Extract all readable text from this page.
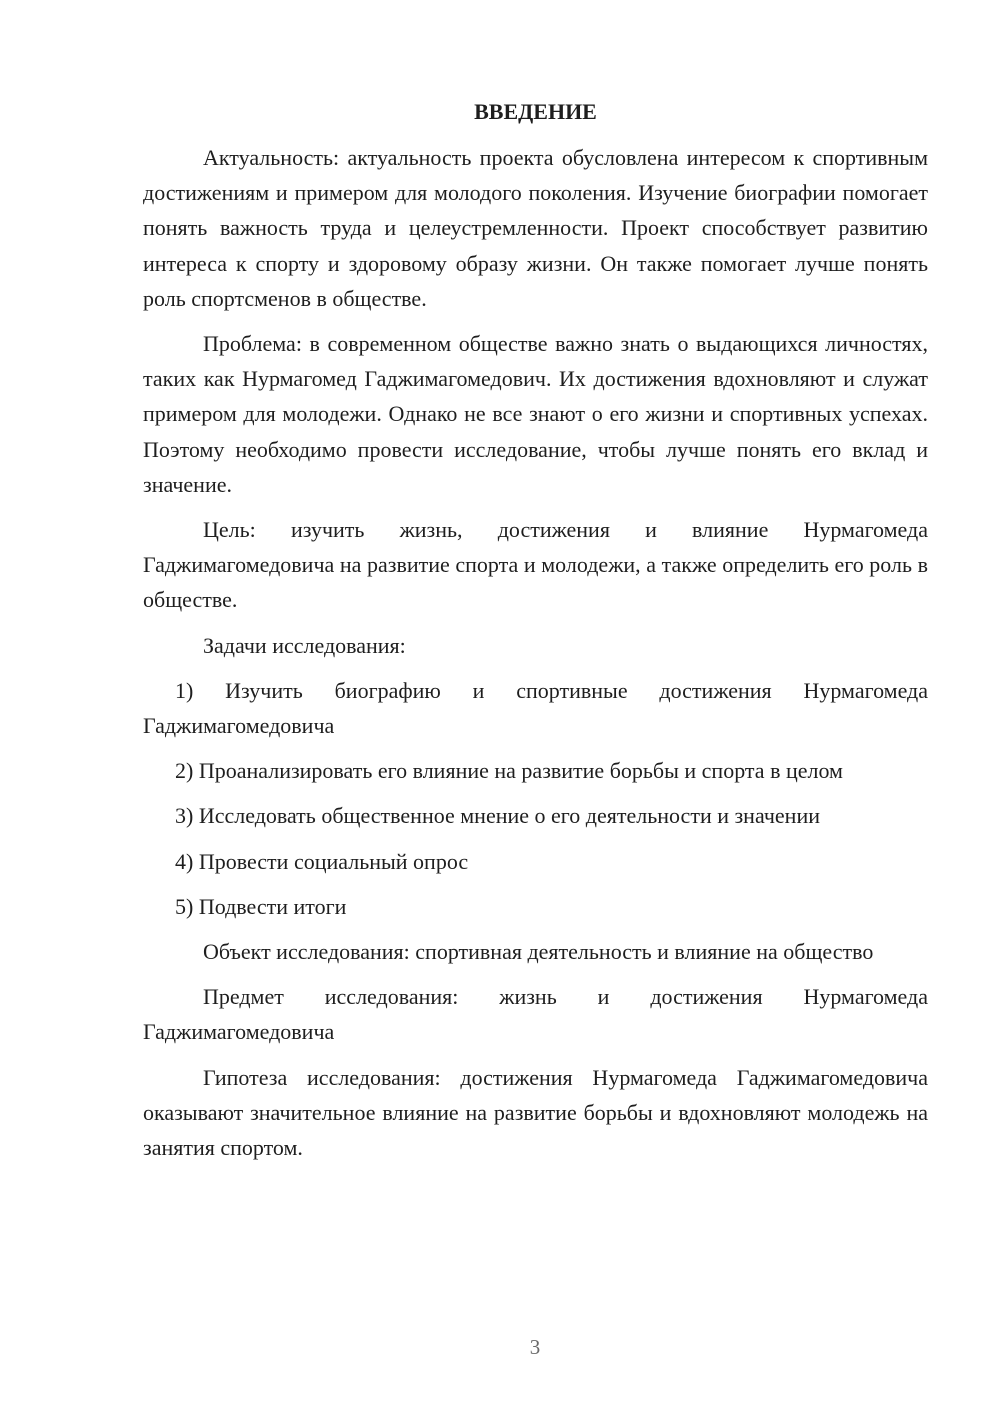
ВВЕДЕНИЕ

Актуальность: актуальность проекта обусловлена интересом к спортивным достижениям и примером для молодого поколения. Изучение биографии помогает понять важность труда и целеустремленности. Проект способствует развитию интереса к спорту и здоровому образу жизни. Он также помогает лучше понять роль спортсменов в обществе.

Проблема: в современном обществе важно знать о выдающихся личностях, таких как Нурмагомед Гаджимагомедович. Их достижения вдохновляют и служат примером для молодежи. Однако не все знают о его жизни и спортивных успехах. Поэтому необходимо провести исследование, чтобы лучше понять его вклад и значение.

Цель: изучить жизнь, достижения и влияние Нурмагомеда Гаджимагомедовича на развитие спорта и молодежи, а также определить его роль в обществе.

Задачи исследования:

1) Изучить биографию и спортивные достижения Нурмагомеда Гаджимагомедовича
2) Проанализировать его влияние на развитие борьбы и спорта в целом
3) Исследовать общественное мнение о его деятельности и значении
4) Провести социальный опрос
5) Подвести итоги

Объект исследования: спортивная деятельность и влияние на общество

Предмет исследования: жизнь и достижения Нурмагомеда Гаджимагомедовича

Гипотеза исследования: достижения Нурмагомеда Гаджимагомедовича оказывают значительное влияние на развитие борьбы и вдохновляют молодежь на занятия спортом.

3
